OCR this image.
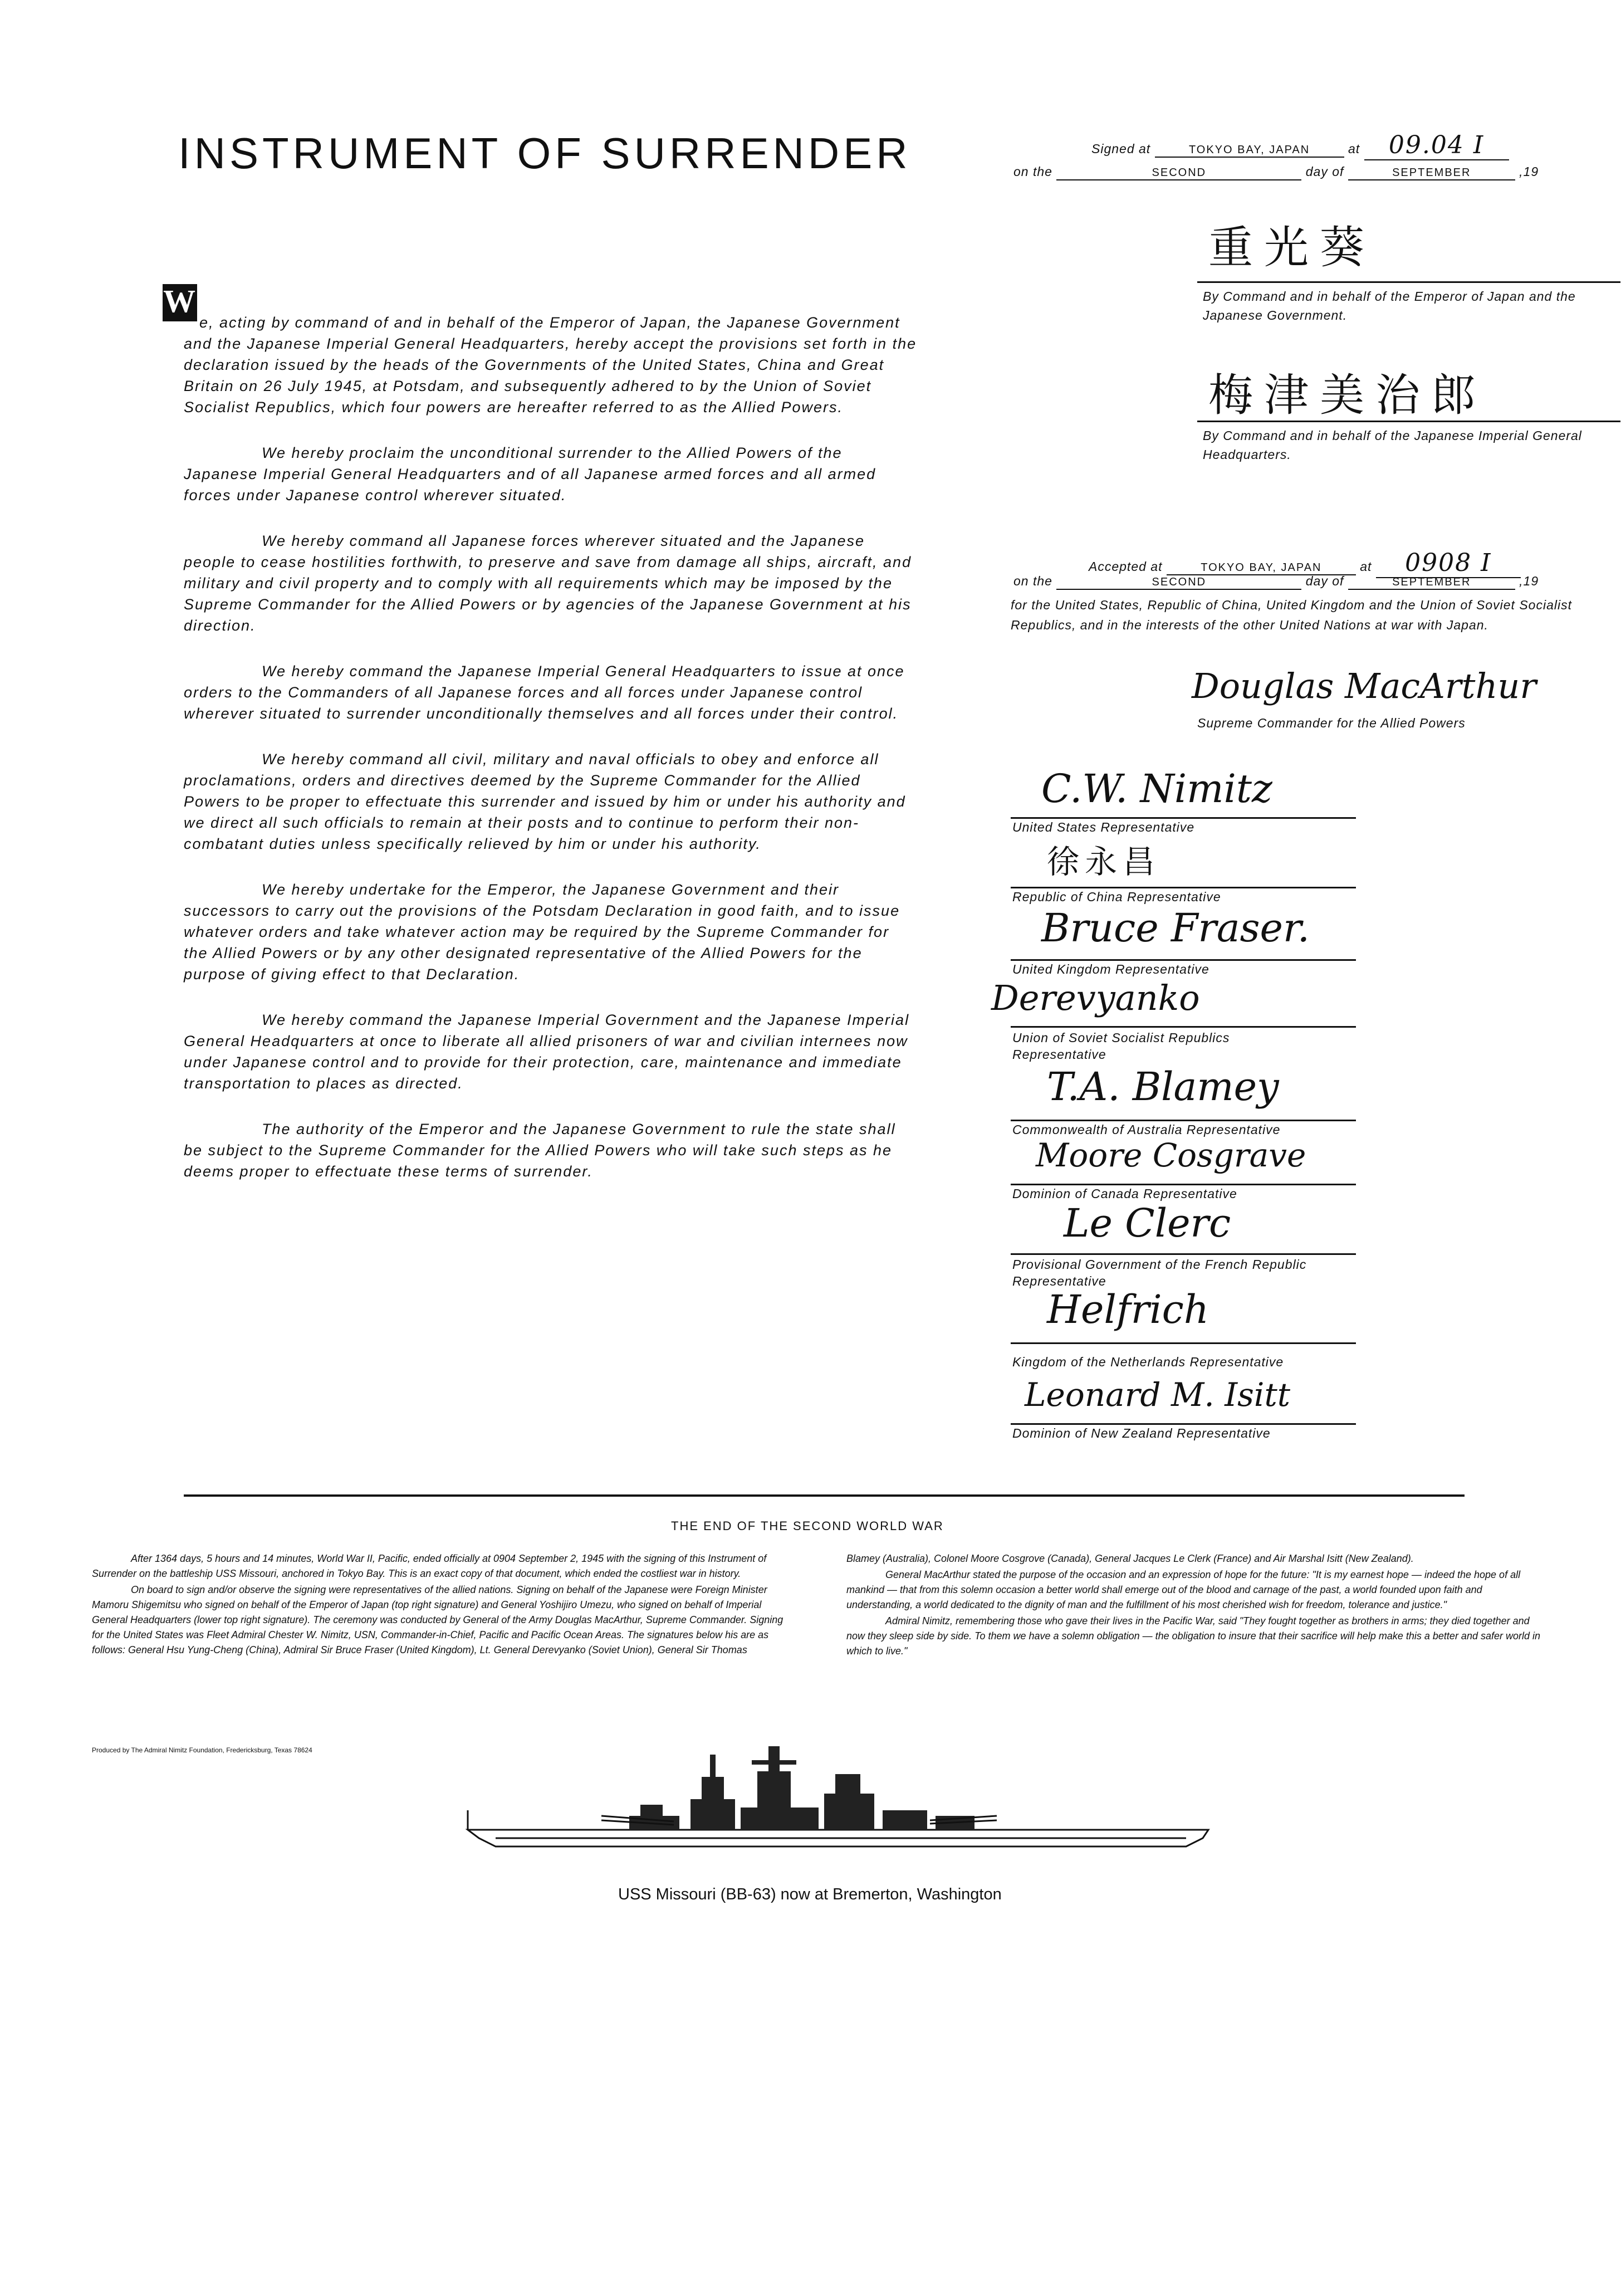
INSTRUMENT OF SURRENDER

W
e, acting by command of and in behalf of the Emperor of Japan, the Japanese Government and the Japanese Imperial General Headquarters, hereby accept the provisions set forth in the declaration issued by the heads of the Governments of the United States, China and Great Britain on 26 July 1945, at Potsdam, and subsequently adhered to by the Union of Soviet Socialist Republics, which four powers are hereafter referred to as the Allied Powers.

We hereby proclaim the unconditional surrender to the Allied Powers of the Japanese Imperial General Headquarters and of all Japanese armed forces and all armed forces under Japanese control wherever situated.

We hereby command all Japanese forces wherever situated and the Japanese people to cease hostilities forthwith, to preserve and save from damage all ships, aircraft, and military and civil property and to comply with all requirements which may be imposed by the Supreme Commander for the Allied Powers or by agencies of the Japanese Government at his direction.

We hereby command the Japanese Imperial General Headquarters to issue at once orders to the Commanders of all Japanese forces and all forces under Japanese control wherever situated to surrender unconditionally themselves and all forces under their control.

We hereby command all civil, military and naval officials to obey and enforce all proclamations, orders and directives deemed by the Supreme Commander for the Allied Powers to be proper to effectuate this surrender and issued by him or under his authority and we direct all such officials to remain at their posts and to continue to perform their non-combatant duties unless specifically relieved by him or under his authority.

We hereby undertake for the Emperor, the Japanese Government and their successors to carry out the provisions of the Potsdam Declaration in good faith, and to issue whatever orders and take whatever action may be required by the Supreme Commander for the Allied Powers or by any other designated representative of the Allied Powers for the purpose of giving effect to that Declaration.

We hereby command the Japanese Imperial Government and the Japanese Imperial General Headquarters at once to liberate all allied prisoners of war and civilian internees now under Japanese control and to provide for their protection, care, maintenance and immediate transportation to places as directed.

The authority of the Emperor and the Japanese Government to rule the state shall be subject to the Supreme Commander for the Allied Powers who will take such steps as he deems proper to effectuate these terms of surrender.

Signed at	TOKYO BAY, JAPAN	at 09.04 I
on the	SECOND	day of	SEPTEMBER	,19
重光葵
By Command and in behalf of the Emperor of Japan and the Japanese Government.
梅津美治郎
By Command and in behalf of the Japanese Imperial General Headquarters.
Accepted at	TOKYO BAY, JAPAN	at 0908 I
on the	SECOND	day of	SEPTEMBER	,19
for the United States, Republic of China, United Kingdom and the Union of Soviet Socialist Republics, and in the interests of the other United Nations at war with Japan.
Douglas MacArthur
Supreme Commander for the Allied Powers
C.W. Nimitz
United States Representative
徐永昌
Republic of China Representative
Bruce Fraser.
United Kingdom Representative
Derevyanko
Union of Soviet Socialist Republics Representative
T.A. Blamey
Commonwealth of Australia Representative
Moore Cosgrave
Dominion of Canada Representative
Le Clerc
Provisional Government of the French Republic Representative
Helfrich
Kingdom of the Netherlands Representative
Leonard M. Isitt
Dominion of New Zealand Representative
THE END OF THE SECOND WORLD WAR

After 1364 days, 5 hours and 14 minutes, World War II, Pacific, ended officially at 0904 September 2, 1945 with the signing of this Instrument of Surrender on the battleship USS Missouri, anchored in Tokyo Bay. This is an exact copy of that document, which ended the costliest war in history.

On board to sign and/or observe the signing were representatives of the allied nations. Signing on behalf of the Japanese were Foreign Minister Mamoru Shigemitsu who signed on behalf of the Emperor of Japan (top right signature) and General Yoshijiro Umezu, who signed on behalf of Imperial General Headquarters (lower top right signature). The ceremony was conducted by General of the Army Douglas MacArthur, Supreme Commander. Signing for the United States was Fleet Admiral Chester W. Nimitz, USN, Commander-in-Chief, Pacific and Pacific Ocean Areas. The signatures below his are as follows: General Hsu Yung-Cheng (China), Admiral Sir Bruce Fraser (United Kingdom), Lt. General Derevyanko (Soviet Union), General Sir Thomas

Blamey (Australia), Colonel Moore Cosgrove (Canada), General Jacques Le Clerk (France) and Air Marshal Isitt (New Zealand).

General MacArthur stated the purpose of the occasion and an expression of hope for the future: "It is my earnest hope — indeed the hope of all mankind — that from this solemn occasion a better world shall emerge out of the blood and carnage of the past, a world founded upon faith and understanding, a world dedicated to the dignity of man and the fulfillment of his most cherished wish for freedom, tolerance and justice."

Admiral Nimitz, remembering those who gave their lives in the Pacific War, said "They fought together as brothers in arms; they died together and now they sleep side by side. To them we have a solemn obligation — the obligation to insure that their sacrifice will help make this a better and safer world in which to live."

Produced by The Admiral Nimitz Foundation, Fredericksburg, Texas 78624
USS Missouri (BB-63) now at Bremerton, Washington
